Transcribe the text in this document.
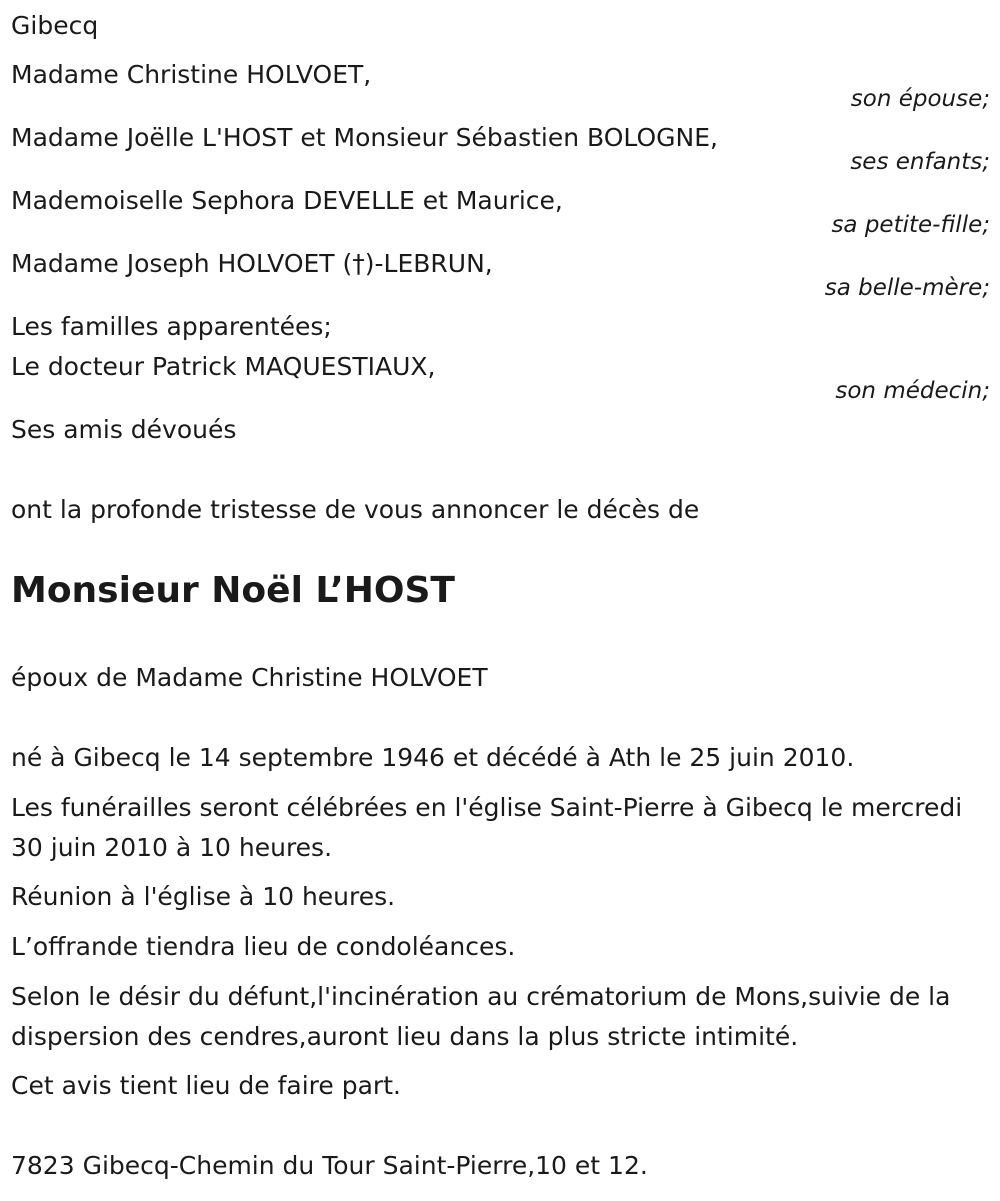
Gibecq
Madame Christine HOLVOET,
son épouse;
Madame Joëlle L'HOST et Monsieur Sébastien BOLOGNE,
ses enfants;
Mademoiselle Sephora DEVELLE et Maurice,
sa petite-fille;
Madame Joseph HOLVOET (†)-LEBRUN,
sa belle-mère;
Les familles apparentées;
Le docteur Patrick MAQUESTIAUX,
son médecin;
Ses amis dévoués
ont la profonde tristesse de vous annoncer le décès de
Monsieur Noël L’HOST
époux de Madame Christine HOLVOET
né à Gibecq le 14 septembre 1946 et décédé à Ath le 25 juin 2010.
Les funérailles seront célébrées en l'église Saint-Pierre à Gibecq le mercredi 30 juin 2010 à 10 heures.
Réunion à l'église à 10 heures.
L’offrande tiendra lieu de condoléances.
Selon le désir du défunt,l'incinération au crématorium de Mons,suivie de la dispersion des cendres,auront lieu dans la plus stricte intimité.
Cet avis tient lieu de faire part.
7823 Gibecq-Chemin du Tour Saint-Pierre,10 et 12.
